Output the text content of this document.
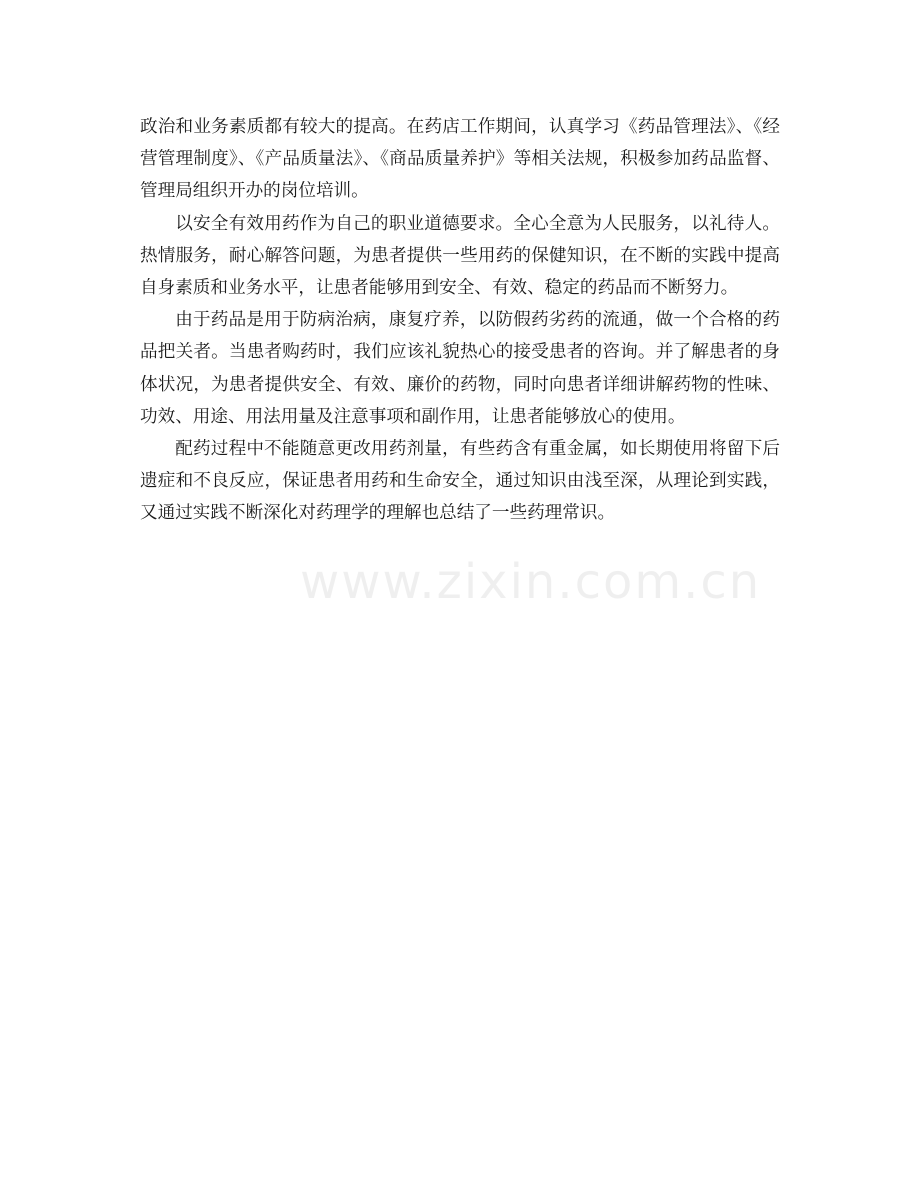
政治和业务素质都有较大的提高。在药店工作期间，认真学习《药品管理法》、《经营管理制度》、《产品质量法》、《商品质量养护》等相关法规，积极参加药品监督、管理局组织开办的岗位培训。

以安全有效用药作为自己的职业道德要求。全心全意为人民服务，以礼待人。热情服务，耐心解答问题，为患者提供一些用药的保健知识，在不断的实践中提高自身素质和业务水平，让患者能够用到安全、有效、稳定的药品而不断努力。

由于药品是用于防病治病，康复疗养，以防假药劣药的流通，做一个合格的药品把关者。当患者购药时，我们应该礼貌热心的接受患者的咨询。并了解患者的身体状况，为患者提供安全、有效、廉价的药物，同时向患者详细讲解药物的性味、功效、用途、用法用量及注意事项和副作用，让患者能够放心的使用。

配药过程中不能随意更改用药剂量，有些药含有重金属，如长期使用将留下后遗症和不良反应，保证患者用药和生命安全，通过知识由浅至深，从理论到实践，又通过实践不断深化对药理学的理解也总结了一些药理常识。

www.zixin.com.cn
